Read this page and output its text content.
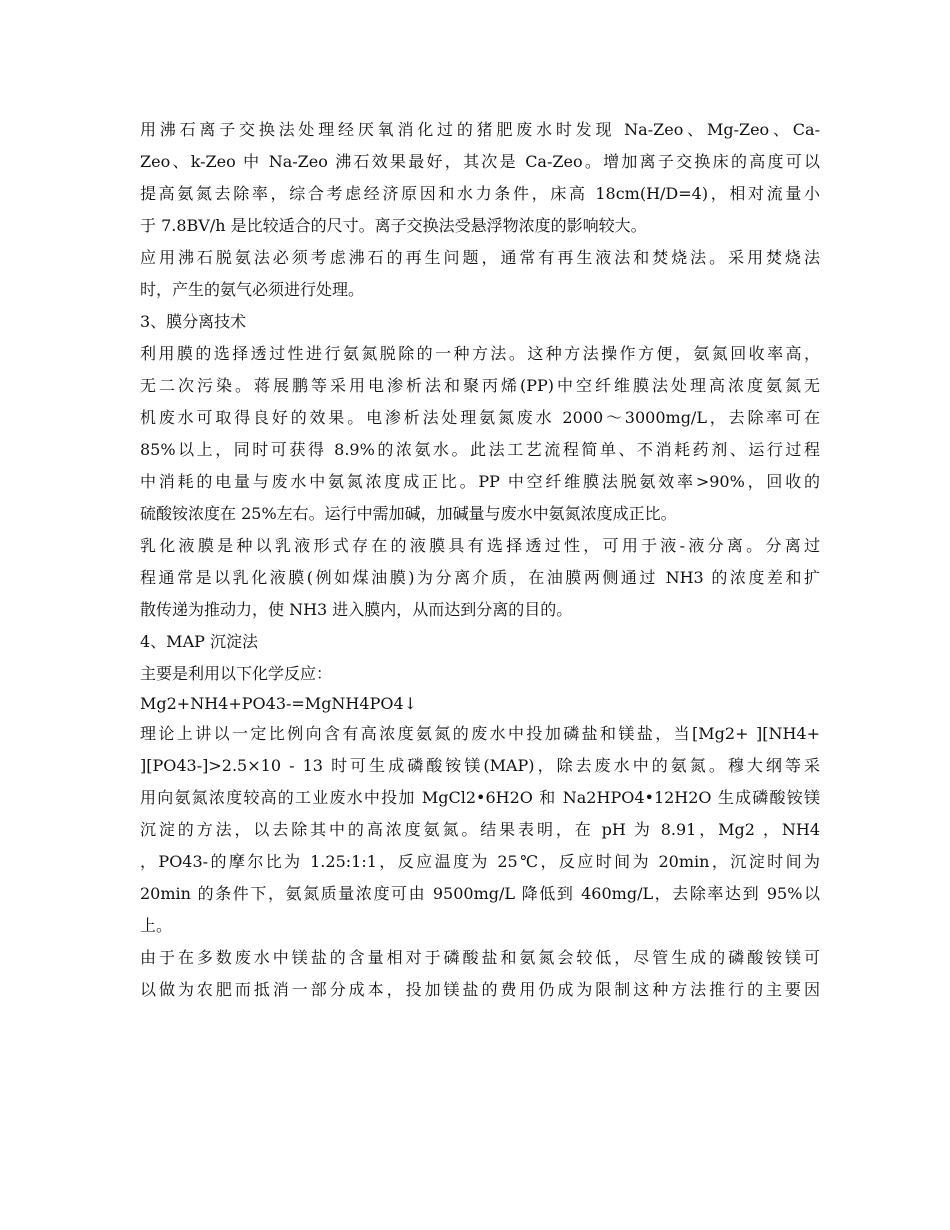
用沸石离子交换法处理经厌氧消化过的猪肥废水时发现 Na-Zeo、Mg-Zeo、Ca-
Zeo、k-Zeo 中 Na-Zeo 沸石效果最好，其次是 Ca-Zeo。增加离子交换床的高度可以
提高氨氮去除率，综合考虑经济原因和水力条件，床高 18cm(H/D=4)，相对流量小
于 7.8BV/h 是比较适合的尺寸。离子交换法受悬浮物浓度的影响较大。
应用沸石脱氨法必须考虑沸石的再生问题，通常有再生液法和焚烧法。采用焚烧法
时，产生的氨气必须进行处理。
3、膜分离技术
利用膜的选择透过性进行氨氮脱除的一种方法。这种方法操作方便，氨氮回收率高，
无二次污染。蒋展鹏等采用电渗析法和聚丙烯(PP)中空纤维膜法处理高浓度氨氮无
机废水可取得良好的效果。电渗析法处理氨氮废水 2000～3000mg/L，去除率可在
85%以上，同时可获得 8.9%的浓氨水。此法工艺流程简单、不消耗药剂、运行过程
中消耗的电量与废水中氨氮浓度成正比。PP 中空纤维膜法脱氨效率>90%，回收的
硫酸铵浓度在 25%左右。运行中需加碱，加碱量与废水中氨氮浓度成正比。
乳化液膜是种以乳液形式存在的液膜具有选择透过性，可用于液-液分离。分离过
程通常是以乳化液膜(例如煤油膜)为分离介质，在油膜两侧通过 NH3 的浓度差和扩
散传递为推动力，使 NH3 进入膜内，从而达到分离的目的。
4、MAP 沉淀法
主要是利用以下化学反应：
Mg2+NH4+PO43-=MgNH4PO4↓
理论上讲以一定比例向含有高浓度氨氮的废水中投加磷盐和镁盐，当[Mg2+ ][NH4+
][PO43-]>2.5×10 - 13 时可生成磷酸铵镁(MAP)，除去废水中的氨氮。穆大纲等采
用向氨氮浓度较高的工业废水中投加 MgCl2•6H2O 和 Na2HPO4•12H2O 生成磷酸铵镁
沉淀的方法，以去除其中的高浓度氨氮。结果表明，在 pH 为 8.91，Mg2 ，NH4
，PO43-的摩尔比为 1.25:1:1，反应温度为 25℃，反应时间为 20min，沉淀时间为
20min 的条件下，氨氮质量浓度可由 9500mg/L 降低到 460mg/L，去除率达到 95%以
上。
由于在多数废水中镁盐的含量相对于磷酸盐和氨氮会较低，尽管生成的磷酸铵镁可
以做为农肥而抵消一部分成本，投加镁盐的费用仍成为限制这种方法推行的主要因
